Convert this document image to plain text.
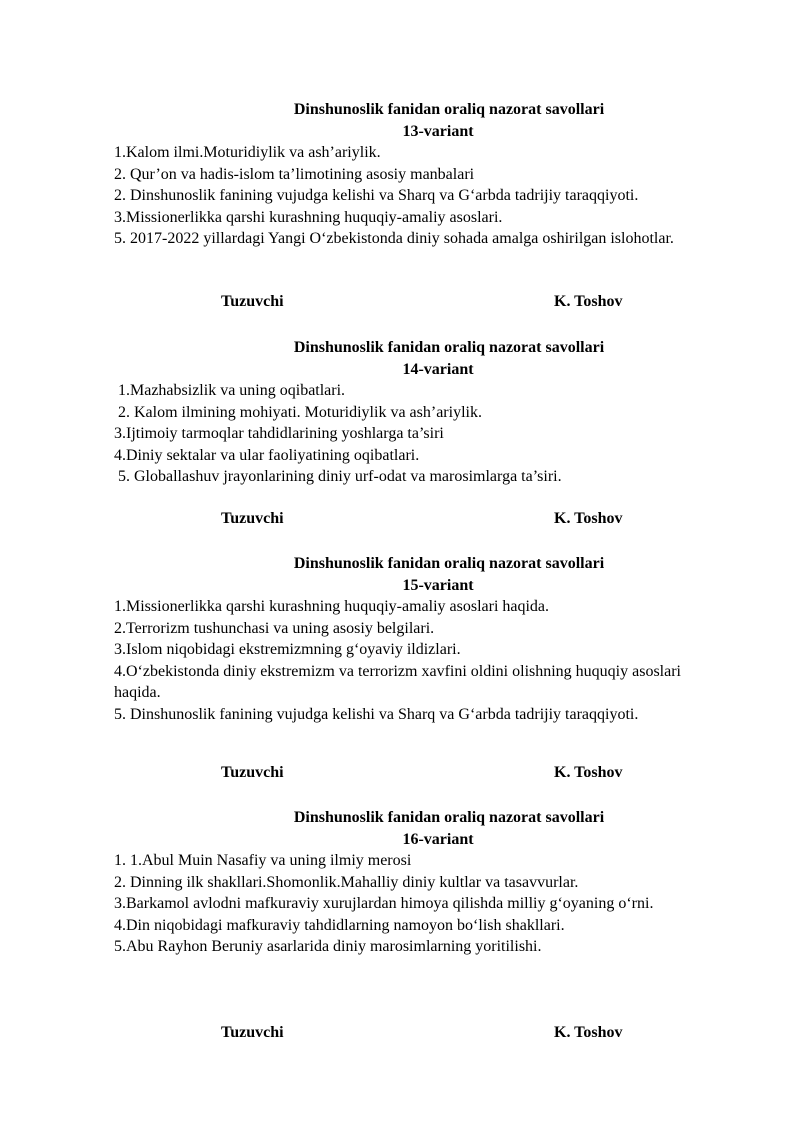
Dinshunoslik fanidan oraliq nazorat savollari
13-variant
1.Kalom ilmi.Moturidiylik va ash’ariylik.
2. Qur’on va hadis-islom ta’limotining asosiy manbalari
2. Dinshunoslik fanining vujudga kelishi va Sharq va G‘arbda tadrijiy taraqqiyoti.
3.Missionerlikka qarshi kurashning huquqiy-amaliy asoslari.
5. 2017-2022 yillardagi Yangi O‘zbekistonda diniy sohada amalga oshirilgan islohotlar.
Tuzuvchi	K. Toshov
Dinshunoslik fanidan oraliq nazorat savollari
14-variant
1.Mazhabsizlik va uning oqibatlari.
2. Kalom ilmining mohiyati. Moturidiylik va ash’ariylik.
3.Ijtimoiy tarmoqlar tahdidlarining yoshlarga ta’siri
4.Diniy sektalar va ular faoliyatining oqibatlari.
5. Globallashuv jrayonlarining diniy urf-odat va marosimlarga ta’siri.
Tuzuvchi	K. Toshov
Dinshunoslik fanidan oraliq nazorat savollari
15-variant
1.Missionerlikka qarshi kurashning huquqiy-amaliy asoslari haqida.
2.Terrorizm tushunchasi va uning asosiy belgilari.
3.Islom niqobidagi ekstremizmning g‘oyaviy ildizlari.
4.O‘zbekistonda diniy ekstremizm va terrorizm xavfini oldini olishning huquqiy asoslari haqida.
5. Dinshunoslik fanining vujudga kelishi va Sharq va G‘arbda tadrijiy taraqqiyoti.
Tuzuvchi	K. Toshov
Dinshunoslik fanidan oraliq nazorat savollari
16-variant
1. 1.Abul Muin Nasafiy va uning ilmiy merosi
2. Dinning ilk shakllari.Shomonlik.Mahalliy diniy kultlar va tasavvurlar.
3.Barkamol avlodni mafkuraviy xurujlardan himoya qilishda milliy g‘oyaning o‘rni.
4.Din niqobidagi mafkuraviy tahdidlarning namoyon bo‘lish shakllari.
5.Abu Rayhon Beruniy asarlarida diniy marosimlarning yoritilishi.
Tuzuvchi	K. Toshov
